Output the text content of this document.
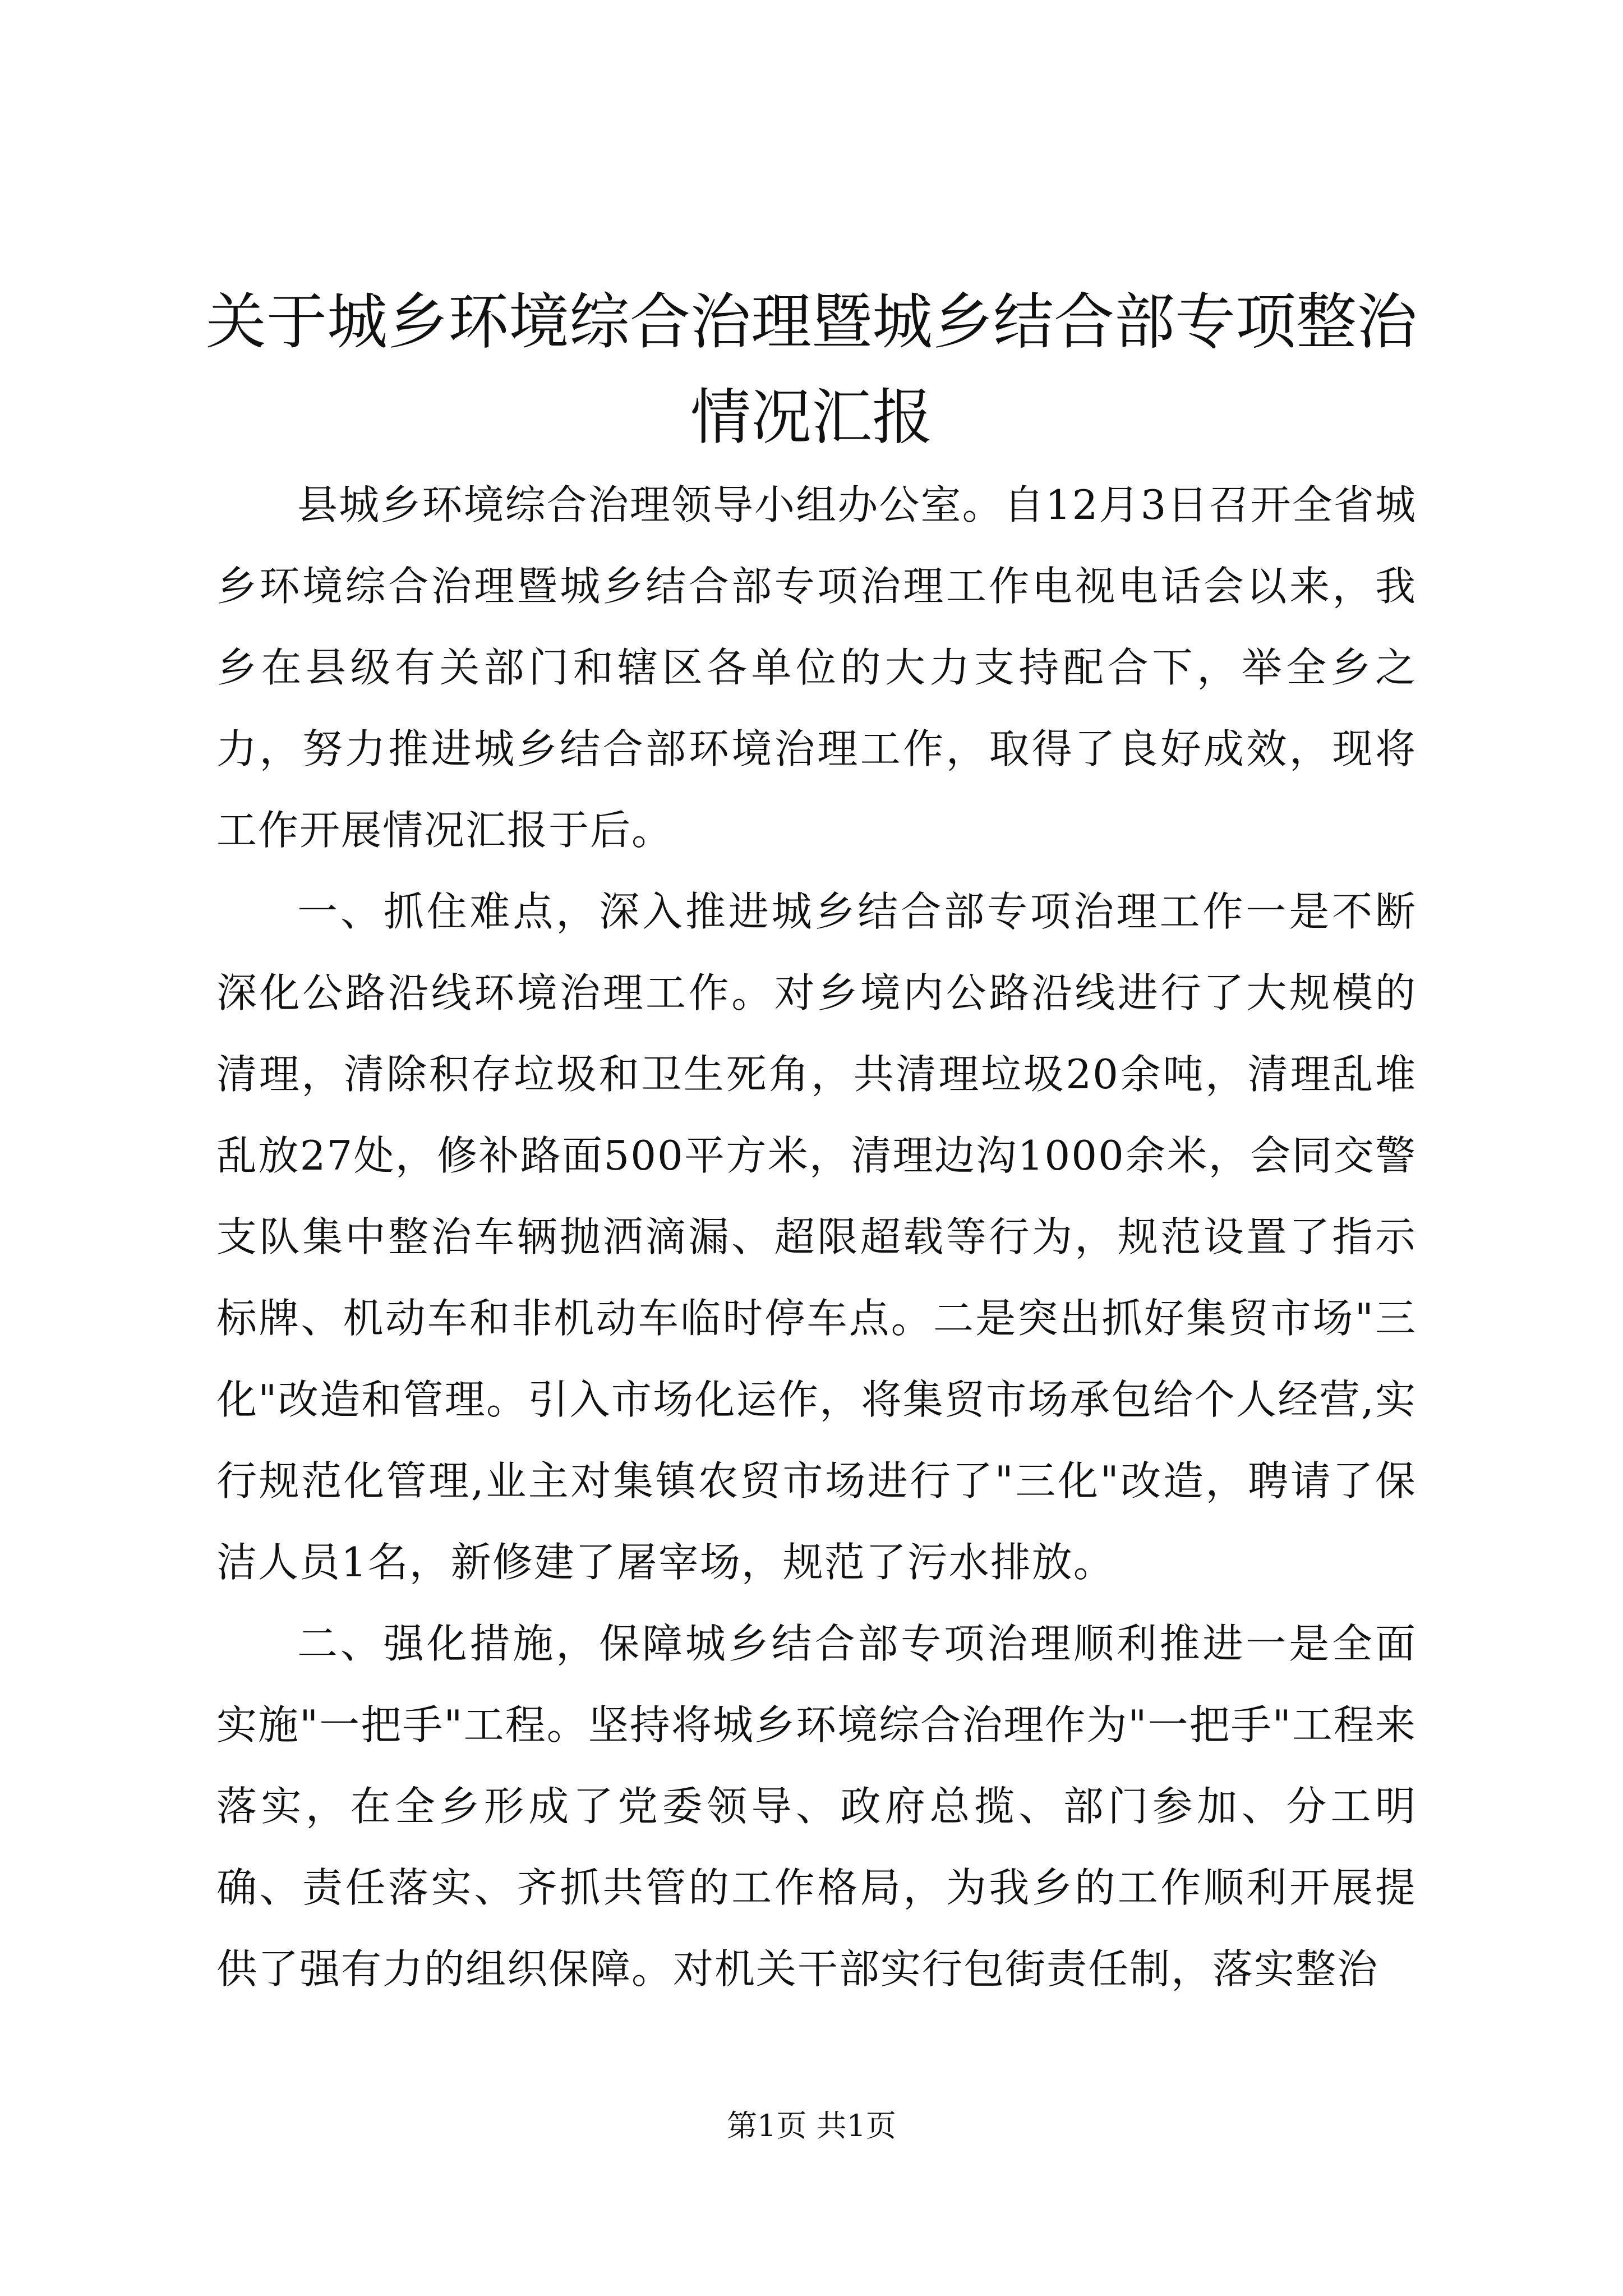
关于城乡环境综合治理暨城乡结合部专项整治
情况汇报

县城乡环境综合治理领导小组办公室。自12月3日召开全省城乡环境综合治理暨城乡结合部专项治理工作电视电话会以来，我乡在县级有关部门和辖区各单位的大力支持配合下，举全乡之力，努力推进城乡结合部环境治理工作，取得了良好成效，现将工作开展情况汇报于后。

一、抓住难点，深入推进城乡结合部专项治理工作一是不断深化公路沿线环境治理工作。对乡境内公路沿线进行了大规模的清理，清除积存垃圾和卫生死角，共清理垃圾20余吨，清理乱堆乱放27处，修补路面500平方米，清理边沟1000余米，会同交警支队集中整治车辆抛洒滴漏、超限超载等行为，规范设置了指示标牌、机动车和非机动车临时停车点。二是突出抓好集贸市场"三化"改造和管理。引入市场化运作，将集贸市场承包给个人经营,实行规范化管理,业主对集镇农贸市场进行了"三化"改造，聘请了保洁人员1名，新修建了屠宰场，规范了污水排放。

二、强化措施，保障城乡结合部专项治理顺利推进一是全面实施"一把手"工程。坚持将城乡环境综合治理作为"一把手"工程来落实，在全乡形成了党委领导、政府总揽、部门参加、分工明确、责任落实、齐抓共管的工作格局，为我乡的工作顺利开展提供了强有力的组织保障。对机关干部实行包街责任制，落实整治

第1页 共1页
